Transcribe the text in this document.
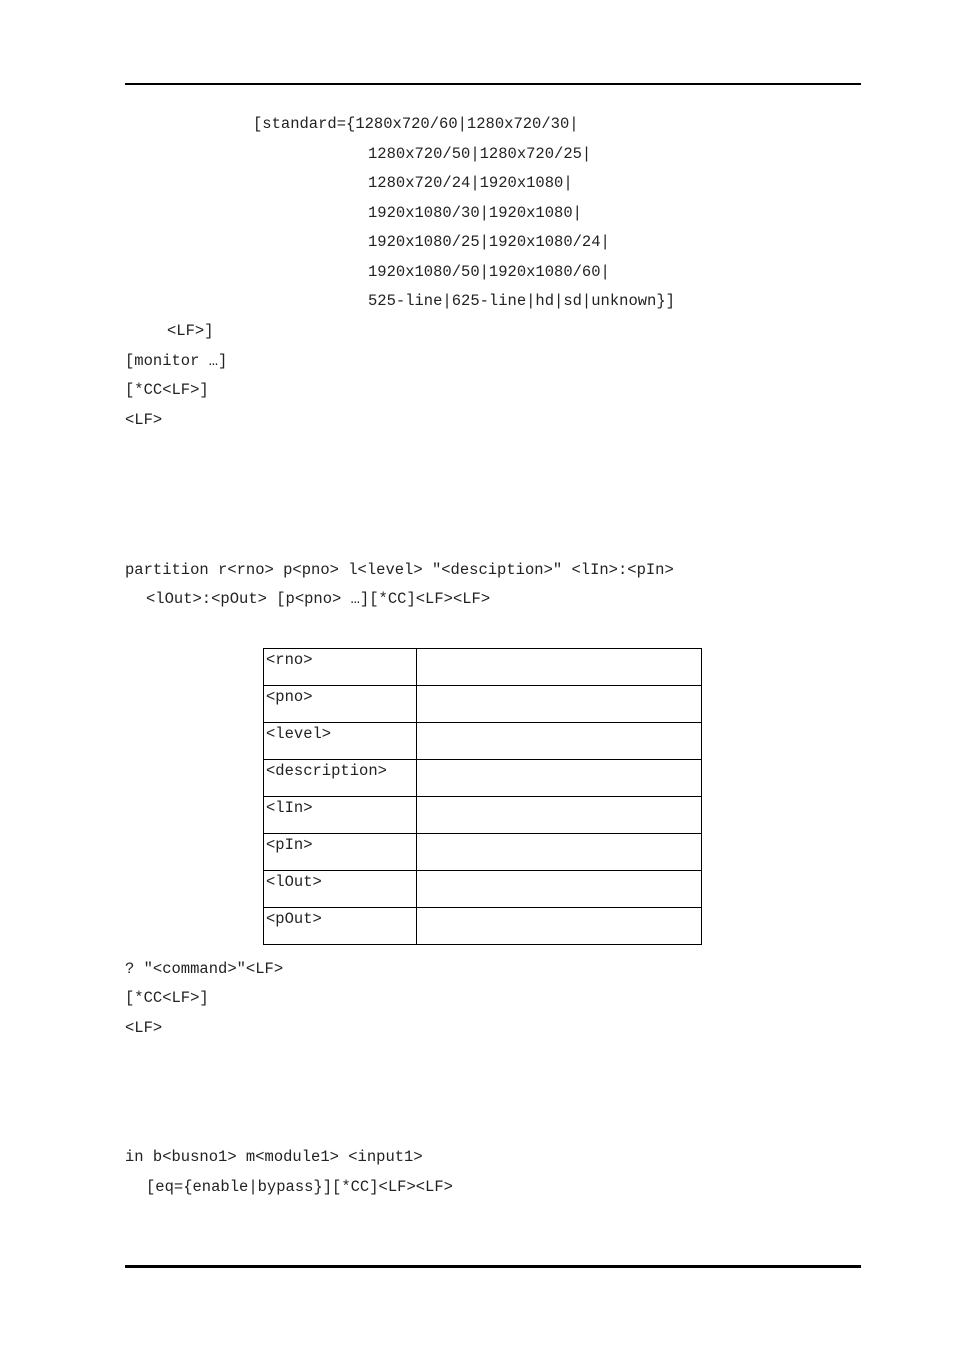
[standard={1280x720/60|1280x720/30|
1280x720/50|1280x720/25|
1280x720/24|1920x1080|
1920x1080/30|1920x1080|
1920x1080/25|1920x1080/24|
1920x1080/50|1920x1080/60|
525-line|625-line|hd|sd|unknown}]
<LF>]
[monitor …]
[*CC<LF>]
<LF>
partition r<rno> p<pno> l<level> "<desciption>" <lIn>:<pIn>
<lOut>:<pOut> [p<pno> …][*CC]<LF><LF>
<rno>	
<pno>	
<level>	
<description>	
<lIn>	
<pIn>	
<lOut>	
<pOut>	
? "<command>"<LF>
[*CC<LF>]
<LF>
in b<busno1> m<module1> <input1>
[eq={enable|bypass}][*CC]<LF><LF>
